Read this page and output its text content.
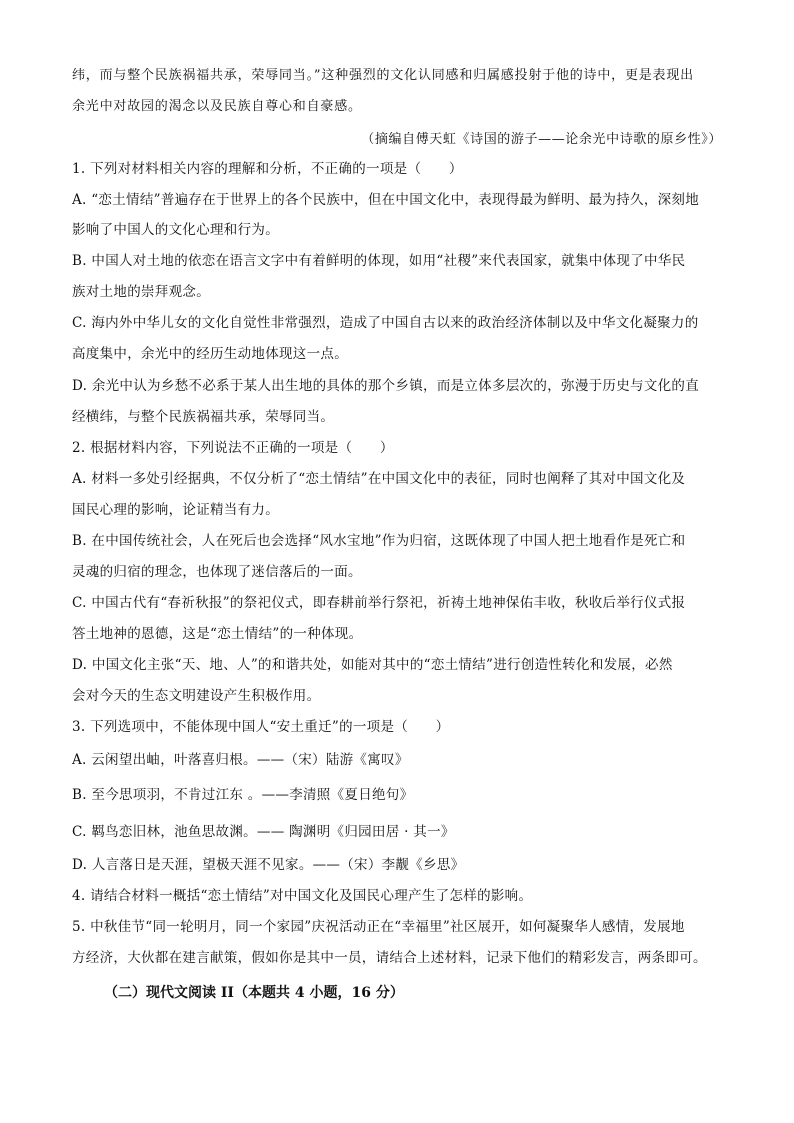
纬，而与整个民族祸福共承，荣辱同当。”这种强烈的文化认同感和归属感投射于他的诗中，更是表现出
余光中对故园的渴念以及民族自尊心和自豪感。
（摘编自傅天虹《诗国的游子——论余光中诗歌的原乡性》）
1. 下列对材料相关内容的理解和分析，不正确的一项是（　　）
A. “恋土情结”普遍存在于世界上的各个民族中，但在中国文化中，表现得最为鲜明、最为持久，深刻地
影响了中国人的文化心理和行为。
B. 中国人对土地的依恋在语言文字中有着鲜明的体现，如用“社稷”来代表国家，就集中体现了中华民
族对土地的崇拜观念。
C. 海内外中华儿女的文化自觉性非常强烈，造成了中国自古以来的政治经济体制以及中华文化凝聚力的
高度集中，余光中的经历生动地体现这一点。
D. 余光中认为乡愁不必系于某人出生地的具体的那个乡镇，而是立体多层次的，弥漫于历史与文化的直
经横纬，与整个民族祸福共承，荣辱同当。
2. 根据材料内容，下列说法不正确的一项是（　　）
A. 材料一多处引经据典，不仅分析了“恋土情结”在中国文化中的表征，同时也阐释了其对中国文化及
国民心理的影响，论证精当有力。
B. 在中国传统社会，人在死后也会选择“风水宝地”作为归宿，这既体现了中国人把土地看作是死亡和
灵魂的归宿的理念，也体现了迷信落后的一面。
C. 中国古代有“春祈秋报”的祭祀仪式，即春耕前举行祭祀，祈祷土地神保佑丰收，秋收后举行仪式报
答土地神的恩德，这是“恋土情结”的一种体现。
D. 中国文化主张“天、地、人”的和谐共处，如能对其中的“恋土情结”进行创造性转化和发展，必然
会对今天的生态文明建设产生积极作用。
3. 下列选项中，不能体现中国人“安土重迁”的一项是（　　）
A. 云闲望出岫，叶落喜归根。——（宋）陆游《寓叹》
B. 至今思项羽，不肯过江东 。——李清照《夏日绝句》
C. 羁鸟恋旧林，池鱼思故渊。—— 陶渊明《归园田居 · 其一》
D. 人言落日是天涯，望极天涯不见家。——（宋）李觏《乡思》
4. 请结合材料一概括“恋土情结”对中国文化及国民心理产生了怎样的影响。
5. 中秋佳节“同一轮明月，同一个家园”庆祝活动正在“幸福里”社区展开，如何凝聚华人感情，发展地
方经济，大伙都在建言献策，假如你是其中一员，请结合上述材料，记录下他们的精彩发言，两条即可。
（二）现代文阅读 II（本题共 4 小题，16 分）
